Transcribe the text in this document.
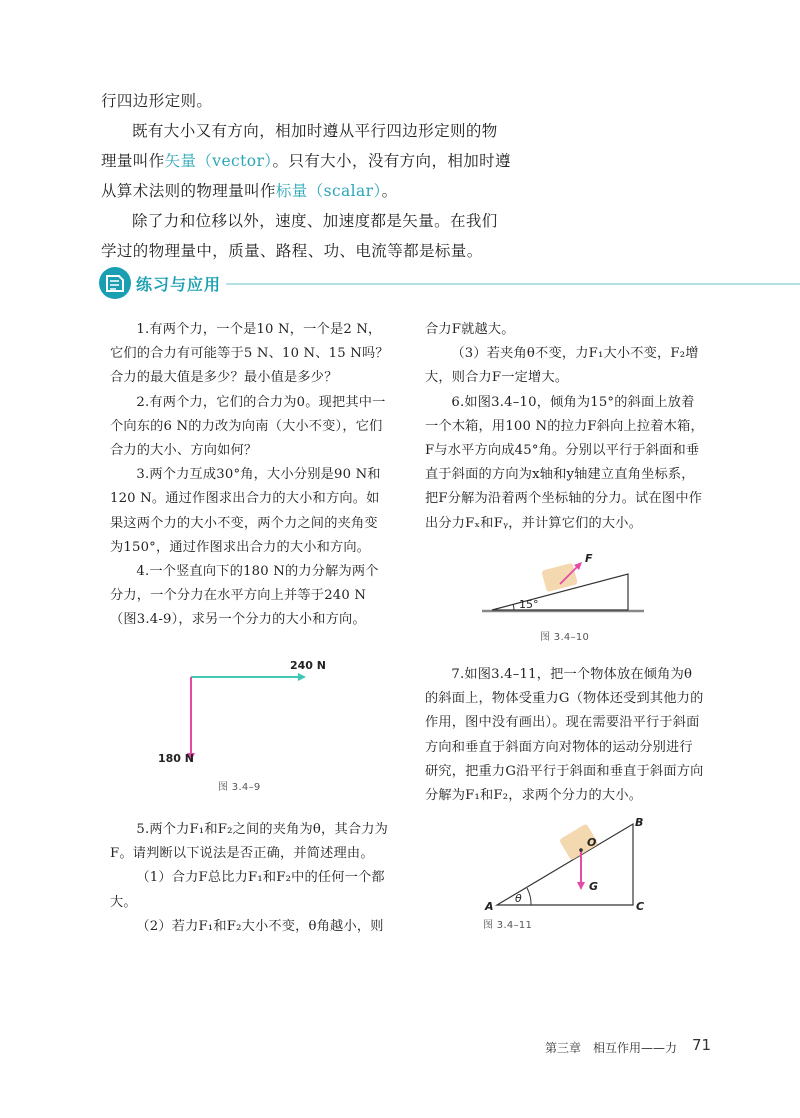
行四边形定则。

既有大小又有方向，相加时遵从平行四边形定则的物理量叫作矢量（vector）。只有大小，没有方向，相加时遵从算术法则的物理量叫作标量（scalar）。

除了力和位移以外，速度、加速度都是矢量。在我们学过的物理量中，质量、路程、功、电流等都是标量。

练习与应用

1.有两个力，一个是10 N，一个是2 N，它们的合力有可能等于5 N、10 N、15 N吗？合力的最大值是多少？最小值是多少？

2.有两个力，它们的合力为0。现把其中一个向东的6 N的力改为向南（大小不变），它们合力的大小、方向如何？

3.两个力互成30°角，大小分别是90 N和120 N。通过作图求出合力的大小和方向。如果这两个力的大小不变，两个力之间的夹角变为150°，通过作图求出合力的大小和方向。

4.一个竖直向下的180 N的力分解为两个分力，一个分力在水平方向上并等于240 N（图3.4-9），求另一个分力的大小和方向。

240 N
180 N
图 3.4–9

5.两个力F₁和F₂之间的夹角为θ，其合力为F。请判断以下说法是否正确，并简述理由。

（1）合力F总比力F₁和F₂中的任何一个都大。

（2）若力F₁和F₂大小不变，θ角越小，则

合力F就越大。

（3）若夹角θ不变，力F₁大小不变，F₂增大，则合力F一定增大。

6.如图3.4–10，倾角为15°的斜面上放着一个木箱，用100 N的拉力F斜向上拉着木箱，F与水平方向成45°角。分别以平行于斜面和垂直于斜面的方向为x轴和y轴建立直角坐标系，把F分解为沿着两个坐标轴的分力。试在图中作出分力Fₓ和Fᵧ，并计算它们的大小。

F
15°
图 3.4–10

7.如图3.4–11，把一个物体放在倾角为θ的斜面上，物体受重力G（物体还受到其他力的作用，图中没有画出）。现在需要沿平行于斜面方向和垂直于斜面方向对物体的运动分别进行研究，把重力G沿平行于斜面和垂直于斜面方向分解为F₁和F₂，求两个分力的大小。

A
B
C
O
G
θ
图 3.4–11
第三章　相互作用——力 71
